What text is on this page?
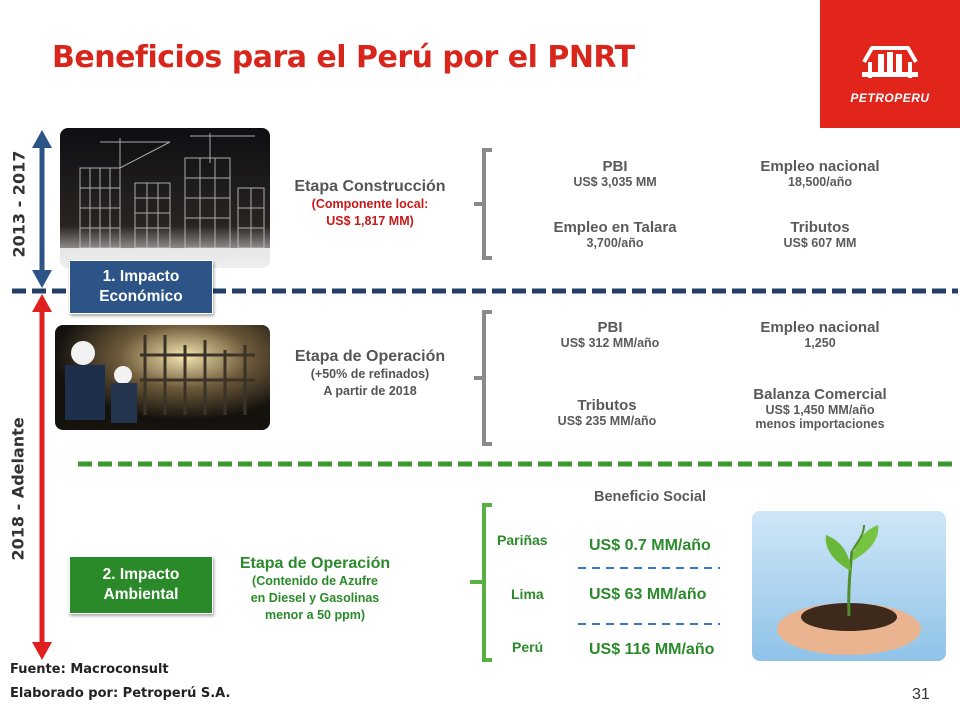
Beneficios para el Perú por el PNRT
PETROPERU
2013 - 2017
2018 - Adelante
1. Impacto
Económico
2. Impacto
Ambiental
Etapa Construcción
(Componente local:
US$ 1,817 MM)
PBI
US$ 3,035 MM
Empleo nacional
18,500/año
Empleo en Talara
3,700/año
Tributos
US$ 607 MM
Etapa de Operación
(+50% de refinados)
A partir de 2018
PBI
US$ 312 MM/año
Empleo nacional
1,250
Tributos
US$ 235 MM/año
Balanza Comercial
US$ 1,450 MM/año
menos importaciones
Etapa de Operación
(Contenido de Azufre
en Diesel y Gasolinas
menor a 50 ppm)
Beneficio Social
Pariñas	US$ 0.7 MM/año
Lima	US$ 63 MM/año
Perú	US$ 116 MM/año
Fuente: Macroconsult
Elaborado por: Petroperú S.A.	31
